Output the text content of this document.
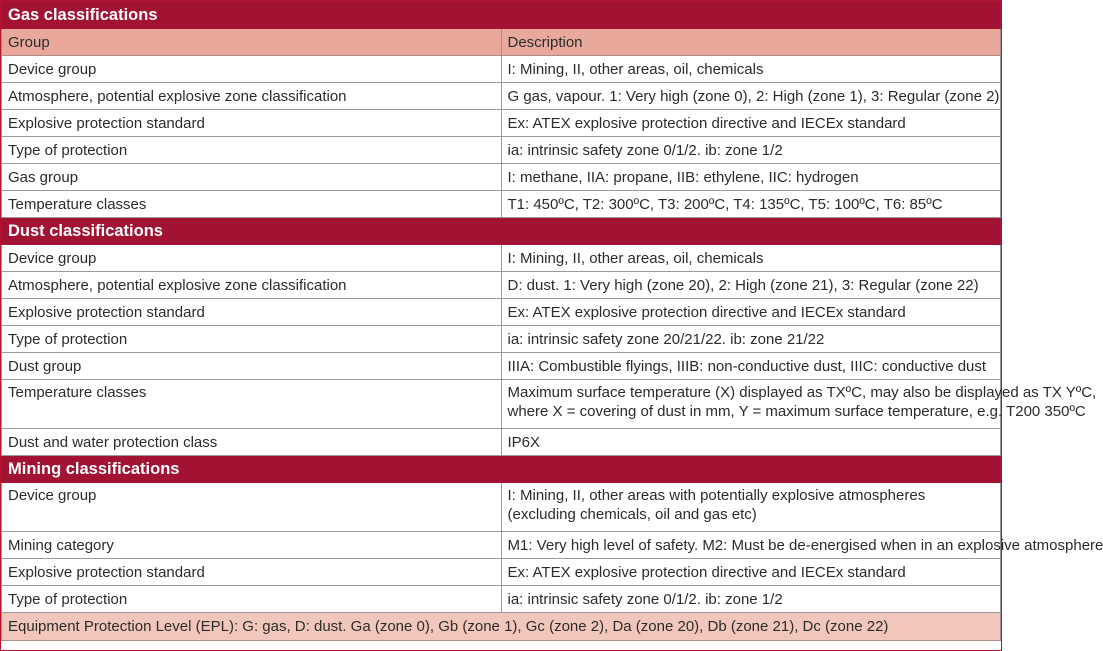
Gas classifications	
Group	Description
Device group	I: Mining, II, other areas, oil, chemicals

Atmosphere, potential explosive zone classification	G gas, vapour. 1: Very high (zone 0), 2: High (zone 1), 3: Regular (zone 2)

Explosive protection standard	Ex: ATEX explosive protection directive and IECEx standard

Type of protection	ia: intrinsic safety zone 0/1/2. ib: zone 1/2

Gas group	I: methane, IIA: propane, IIB: ethylene, IIC: hydrogen

Temperature classes	T1: 450ºC, T2: 300ºC, T3: 200ºC, T4: 135ºC, T5: 100ºC, T6: 85ºC

Dust classifications	
Device group	I: Mining, II, other areas, oil, chemicals

Atmosphere, potential explosive zone classification	D: dust. 1: Very high (zone 20), 2: High (zone 21), 3: Regular (zone 22)

Explosive protection standard	Ex: ATEX explosive protection directive and IECEx standard

Type of protection	ia: intrinsic safety zone 20/21/22. ib: zone 21/22

Dust group	IIIA: Combustible flyings, IIIB: non-conductive dust, IIIC: conductive dust

Temperature classes	Maximum surface temperature (X) displayed as TXºC, may also be displayed as TX YºC,
where X = covering of dust in mm, Y = maximum surface temperature, e.g. T200 350ºC

Dust and water protection class	IP6X

Mining classifications	
Device group	I: Mining, II, other areas with potentially explosive atmospheres
(excluding chemicals, oil and gas etc)

Mining category	M1: Very high level of safety. M2: Must be de-energised when in an explosive atmosphere

Explosive protection standard	Ex: ATEX explosive protection directive and IECEx standard

Type of protection	ia: intrinsic safety zone 0/1/2. ib: zone 1/2

Equipment Protection Level (EPL): G: gas, D: dust. Ga (zone 0), Gb (zone 1), Gc (zone 2), Da (zone 20), Db (zone 21), Dc (zone 22)	
